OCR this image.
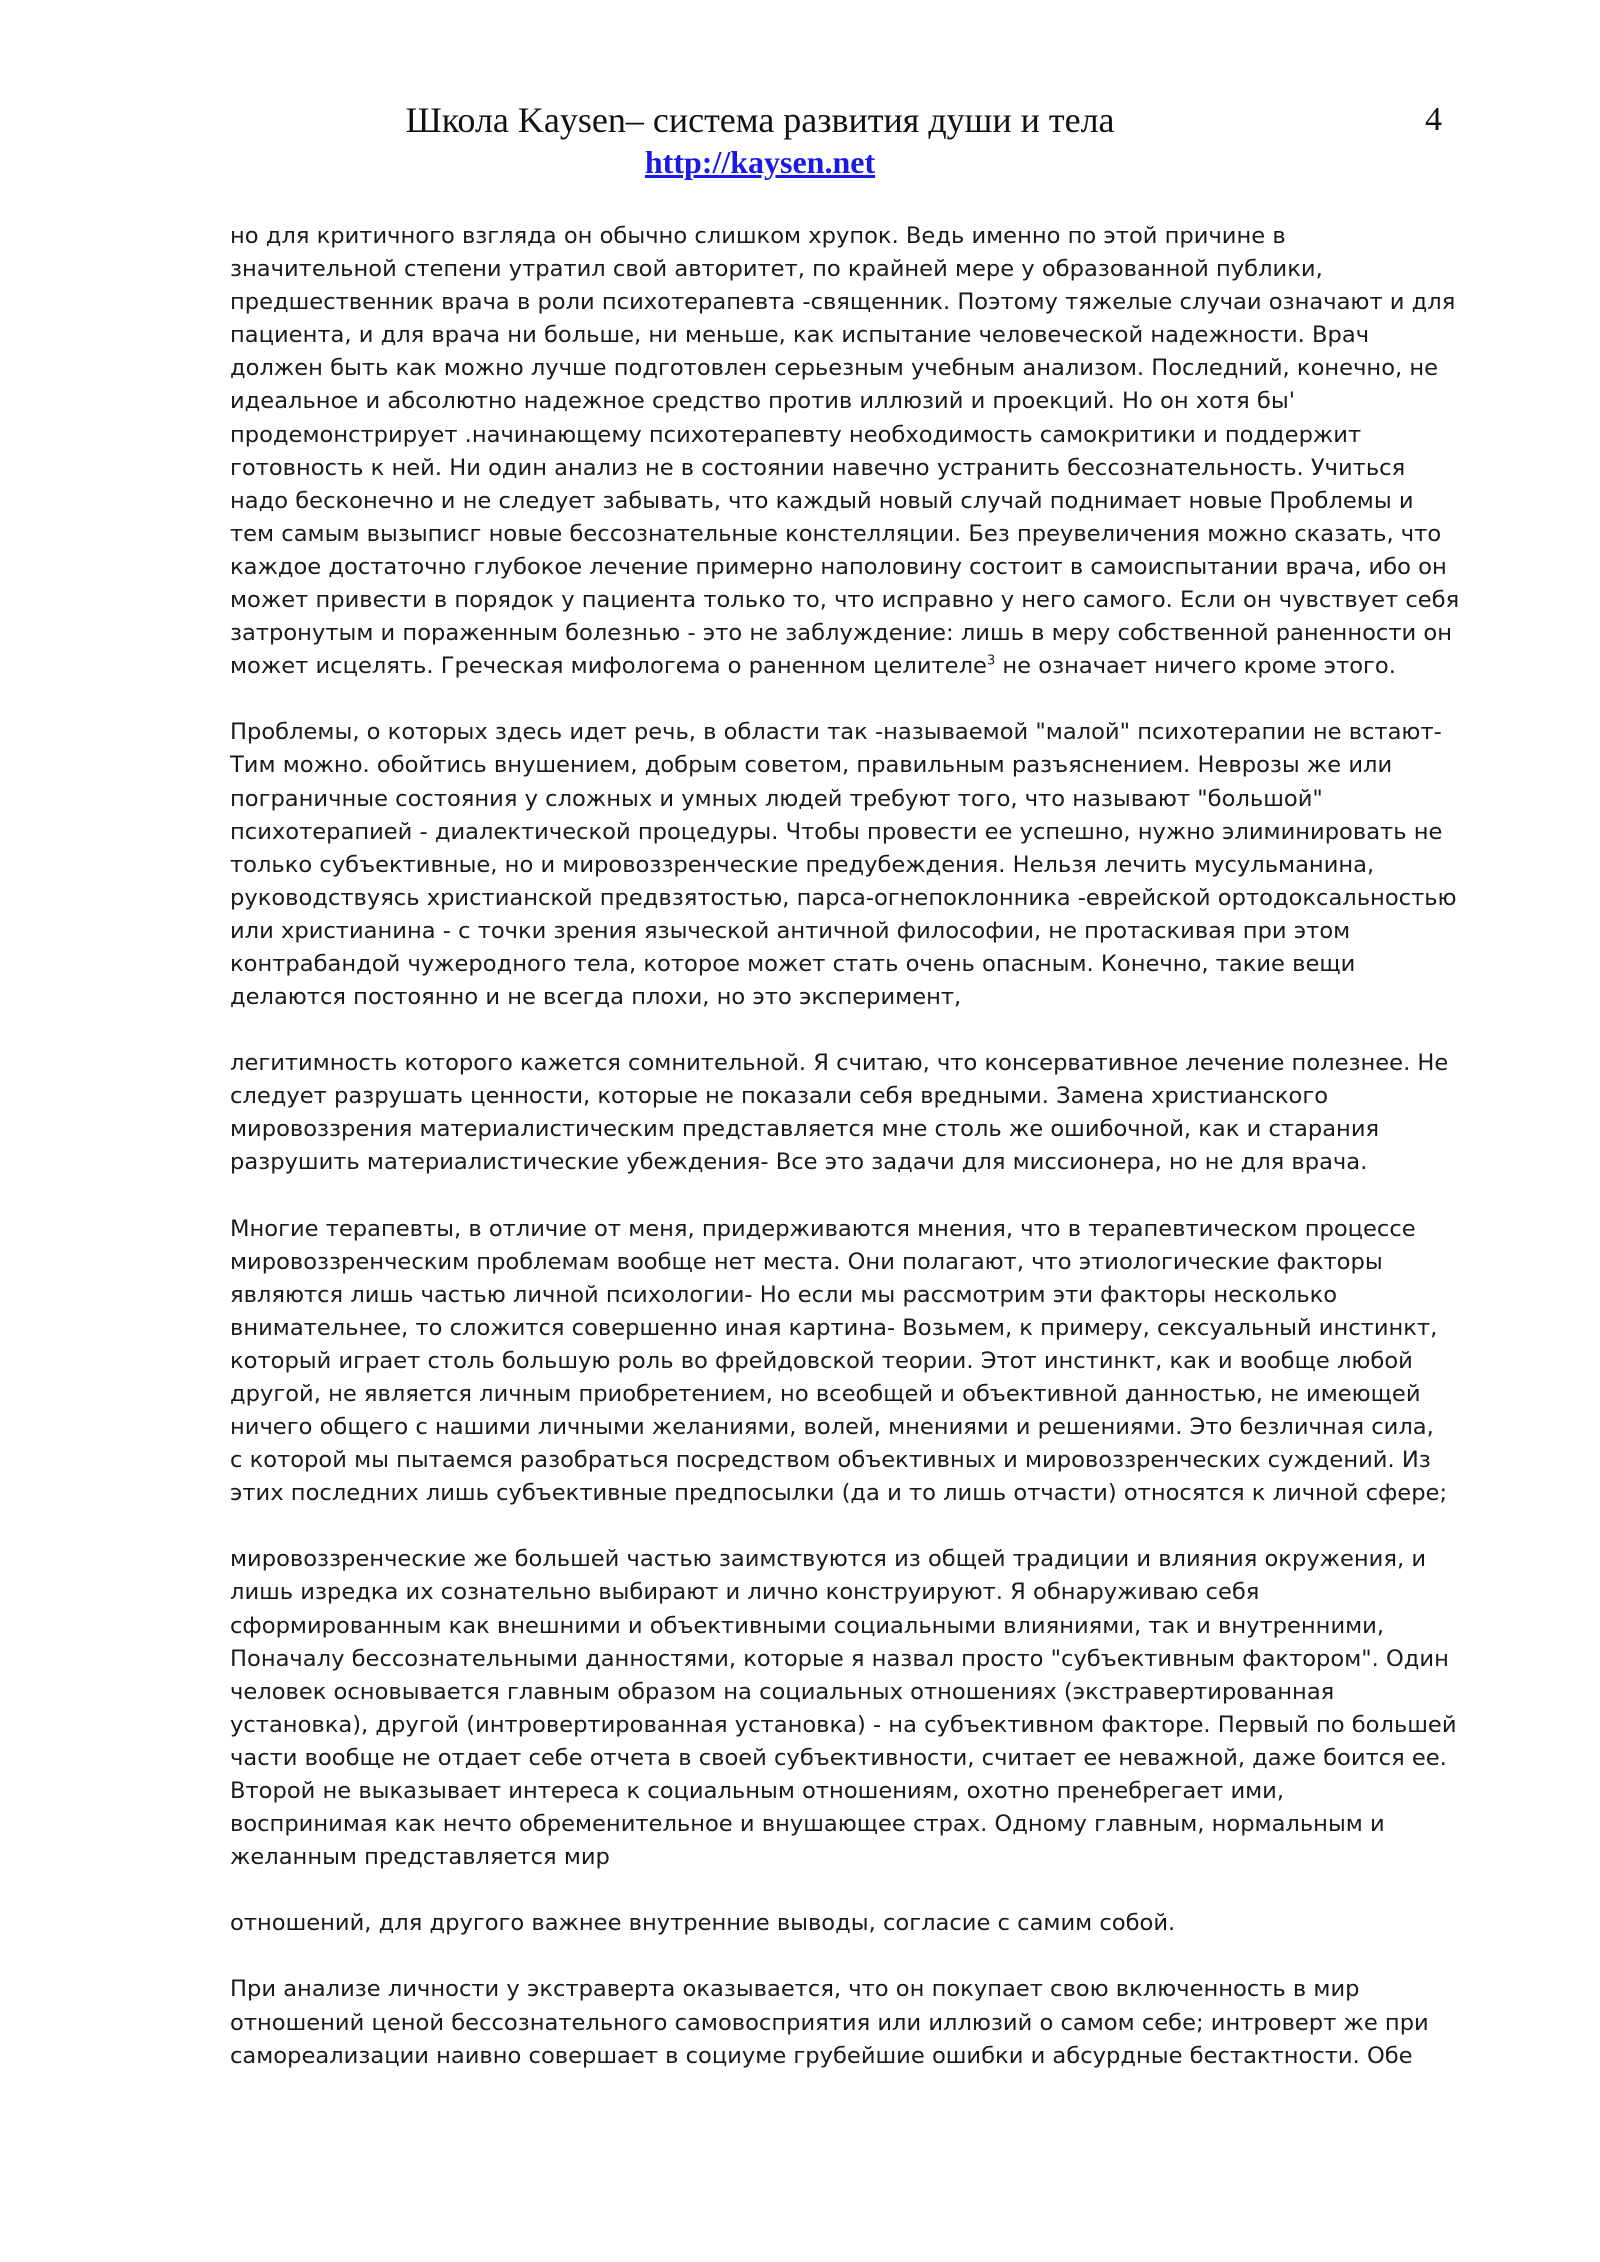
Школа Kaysen– система развития души и тела
http://kaysen.net
4
но для критичного взгляда он обычно слишком хрупок. Ведь именно по этой причине в
значительной степени утратил свой авторитет, по крайней мере у образованной публики,
предшественник врача в роли психотерапевта -священник. Поэтому тяжелые случаи означают и для
пациента, и для врача ни больше, ни меньше, как испытание человеческой надежности. Врач
должен быть как можно лучше подготовлен серьезным учебным анализом. Последний, конечно, не
идеальное и абсолютно надежное средство против иллюзий и проекций. Но он хотя бы'
продемонстрирует .начинающему психотерапевту необходимость самокритики и поддержит
готовность к ней. Ни один анализ не в состоянии навечно устранить бессознательность. Учиться
надо бесконечно и не следует забывать, что каждый новый случай поднимает новые Проблемы и
тем самым вызыписг новые бессознательные констелляции. Без преувеличения можно сказать, что
каждое достаточно глубокое лечение примерно наполовину состоит в самоиспытании врача, ибо он
может привести в порядок у пациента только то, что исправно у него самого. Если он чувствует себя
затронутым и пораженным болезнью - это не заблуждение: лишь в меру собственной раненности он
может исцелять. Греческая мифологема о раненном целителе$^3$ не означает ничего кроме этого.
Проблемы, о которых здесь идет речь, в области так -называемой "малой" психотерапии не встают-
Тим можно. обойтись внушением, добрым советом, правильным разъяснением. Неврозы же или
пограничные состояния у сложных и умных людей требуют того, что называют "большой"
психотерапией - диалектической процедуры. Чтобы провести ее успешно, нужно элиминировать не
только субъективные, но и мировоззренческие предубеждения. Нельзя лечить мусульманина,
руководствуясь христианской предвзятостью, парса-огнепоклонника -еврейской ортодоксальностью
или христианина - с точки зрения языческой античной философии, не протаскивая при этом
контрабандой чужеродного тела, которое может стать очень опасным. Конечно, такие вещи
делаются постоянно и не всегда плохи, но это эксперимент,
легитимность которого кажется сомнительной. Я считаю, что консервативное лечение полезнее. Не
следует разрушать ценности, которые не показали себя вредными. Замена христианского
мировоззрения материалистическим представляется мне столь же ошибочной, как и старания
разрушить материалистические убеждения- Все это задачи для миссионера, но не для врача.
Многие терапевты, в отличие от меня, придерживаются мнения, что в терапевтическом процессе
мировоззренческим проблемам вообще нет места. Они полагают, что этиологические факторы
являются лишь частью личной психологии- Но если мы рассмотрим эти факторы несколько
внимательнее, то сложится совершенно иная картина- Возьмем, к примеру, сексуальный инстинкт,
который играет столь большую роль во фрейдовской теории. Этот инстинкт, как и вообще любой
другой, не является личным приобретением, но всеобщей и объективной данностью, не имеющей
ничего общего с нашими личными желаниями, волей, мнениями и решениями. Это безличная сила,
с которой мы пытаемся разобраться посредством объективных и мировоззренческих суждений. Из
этих последних лишь субъективные предпосылки (да и то лишь отчасти) относятся к личной сфере;
мировоззренческие же большей частью заимствуются из общей традиции и влияния окружения, и
лишь изредка их сознательно выбирают и лично конструируют. Я обнаруживаю себя
сформированным как внешними и объективными социальными влияниями, так и внутренними,
Поначалу бессознательными данностями, которые я назвал просто "субъективным фактором". Один
человек основывается главным образом на социальных отношениях (экстравертированная
установка), другой (интровертированная установка) - на субъективном факторе. Первый по большей
части вообще не отдает себе отчета в своей субъективности, считает ее неважной, даже боится ее.
Второй не выказывает интереса к социальным отношениям, охотно пренебрегает ими,
воспринимая как нечто обременительное и внушающее страх. Одному главным, нормальным и
желанным представляется мир
отношений, для другого важнее внутренние выводы, согласие с самим собой.
При анализе личности у экстраверта оказывается, что он покупает свою включенность в мир
отношений ценой бессознательного самовосприятия или иллюзий о самом себе; интроверт же при
самореализации наивно совершает в социуме грубейшие ошибки и абсурдные бестактности. Обе
